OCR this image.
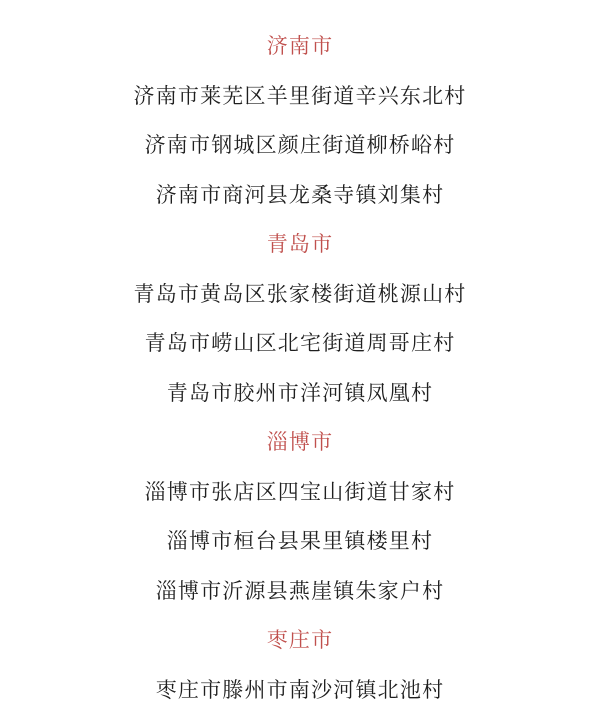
济南市
济南市莱芜区羊里街道辛兴东北村
济南市钢城区颜庄街道柳桥峪村
济南市商河县龙桑寺镇刘集村
青岛市
青岛市黄岛区张家楼街道桃源山村
青岛市崂山区北宅街道周哥庄村
青岛市胶州市洋河镇凤凰村
淄博市
淄博市张店区四宝山街道甘家村
淄博市桓台县果里镇楼里村
淄博市沂源县燕崖镇朱家户村
枣庄市
枣庄市滕州市南沙河镇北池村
